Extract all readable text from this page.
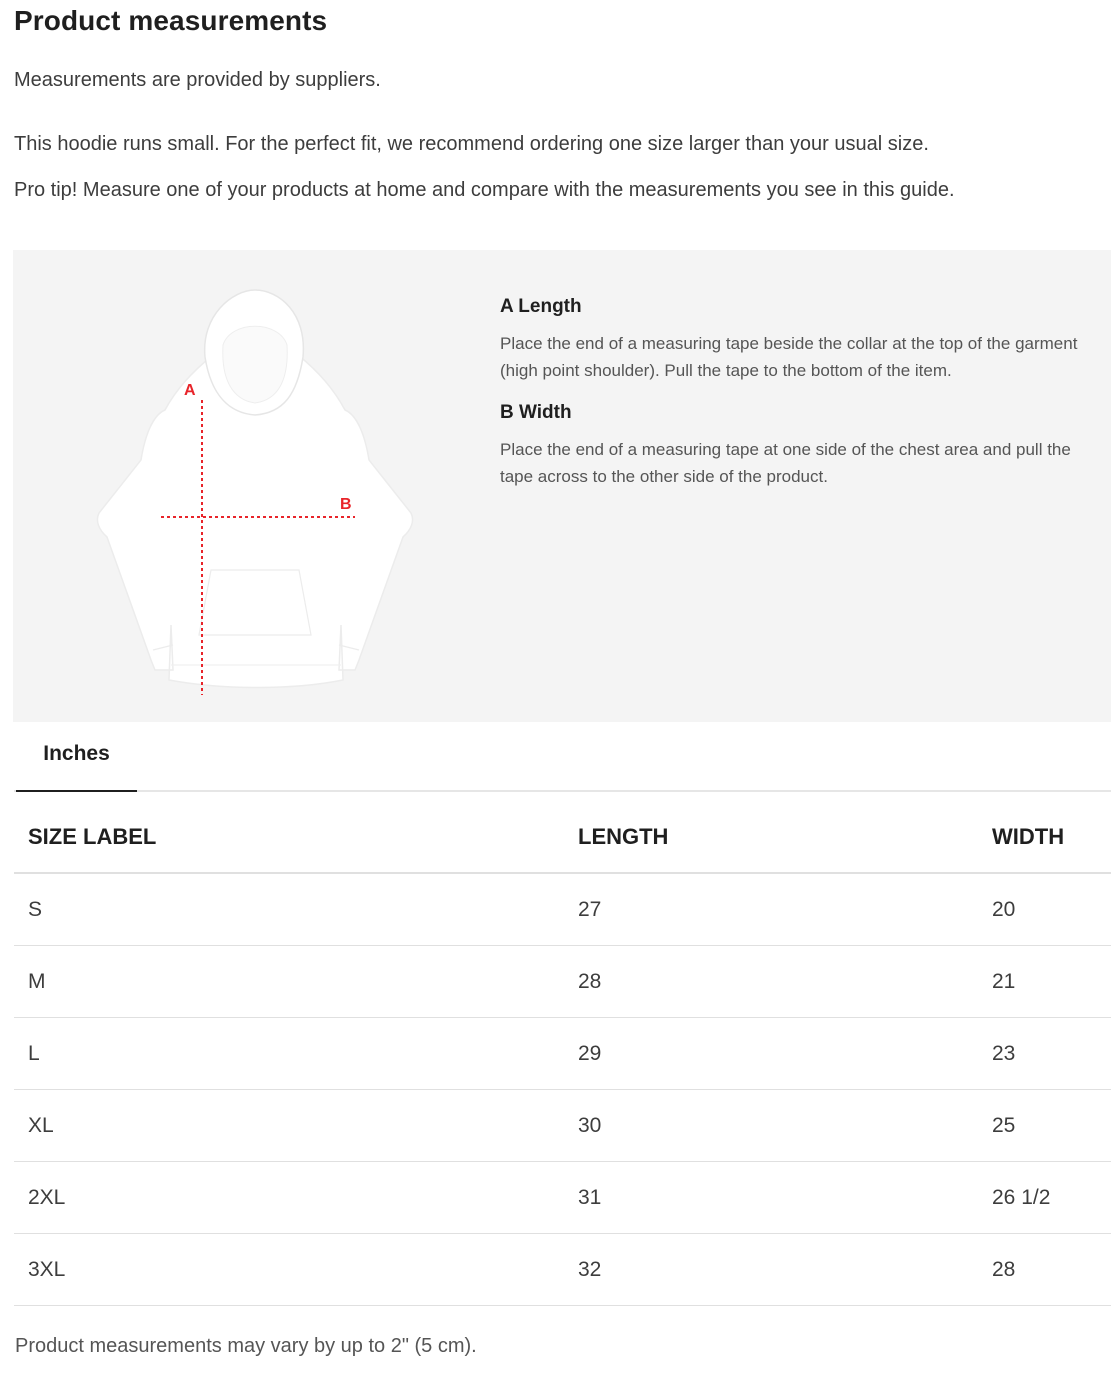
Product measurements

Measurements are provided by suppliers.

This hoodie runs small. For the perfect fit, we recommend ordering one size larger than your usual size.

Pro tip! Measure one of your products at home and compare with the measurements you see in this guide.

A
B
A Length

Place the end of a measuring tape beside the collar at the top of the garment (high point shoulder). Pull the tape to the bottom of the item.

B Width

Place the end of a measuring tape at one side of the chest area and pull the tape across to the other side of the product.

Inches
SIZE LABEL	LENGTH	WIDTH
S	27	20
M	28	21
L	29	23
XL	30	25
2XL	31	26 1/2
3XL	32	28

Product measurements may vary by up to 2" (5 cm).
